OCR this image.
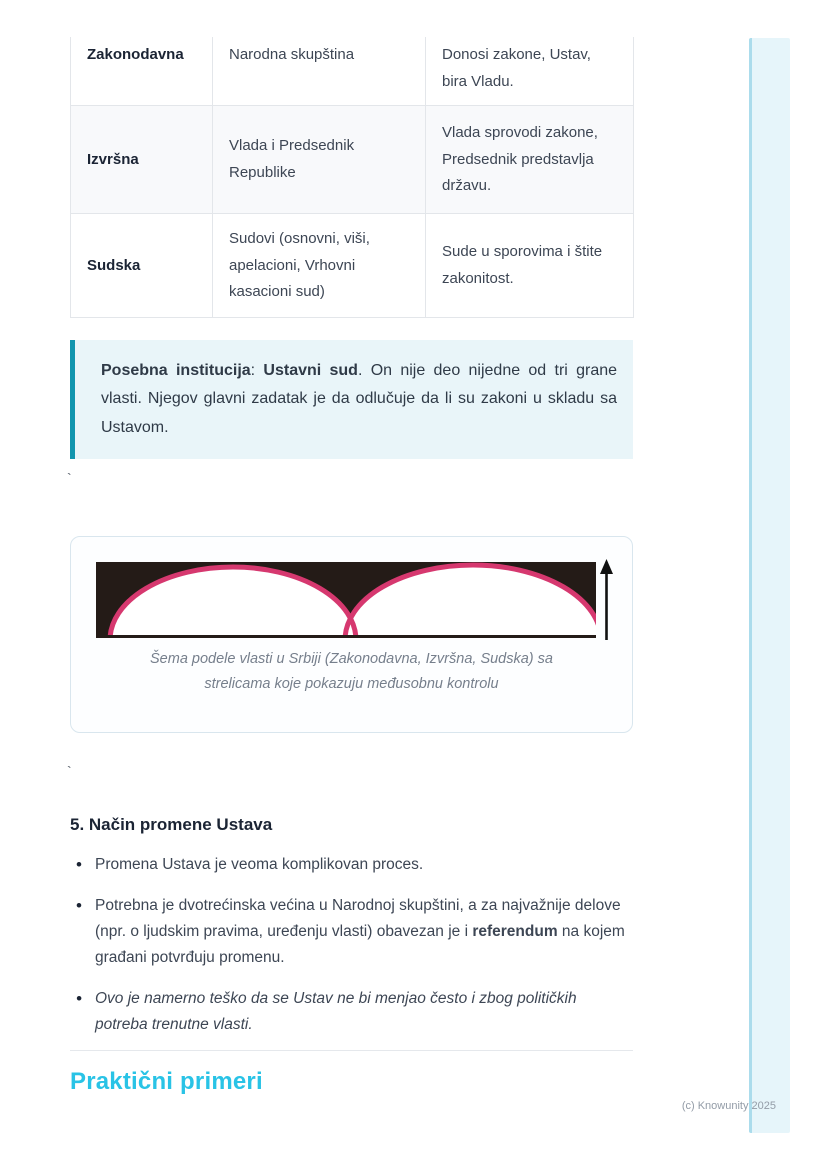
Zakonodavna	Narodna skupština	Donosi zakone, Ustav, bira Vladu.
Izvršna	Vlada i Predsednik Republike	Vlada sprovodi zakone, Predsednik predstavlja državu.
Sudska	Sudovi (osnovni, viši, apelacioni, Vrhovni kasacioni sud)	Sude u sporovima i štite zakonitost.
Posebna institucija: Ustavni sud. On nije deo nijedne od tri grane vlasti. Njegov glavni zadatak je da odlučuje da li su zakoni u skladu sa Ustavom.
`
Šema podele vlasti u Srbiji (Zakonodavna, Izvršna, Sudska) sa
strelicama koje pokazuju međusobnu kontrolu
`
5. Način promene Ustava
• Promena Ustava je veoma komplikovan proces.
• Potrebna je dvotrećinska većina u Narodnoj skupštini, a za najvažnije delove (npr. o ljudskim pravima, uređenju vlasti) obavezan je i referendum na kojem građani potvrđuju promenu.
• Ovo je namerno teško da se Ustav ne bi menjao često i zbog političkih potreba trenutne vlasti.
Praktični primeri
(c) Knowunity 2025
